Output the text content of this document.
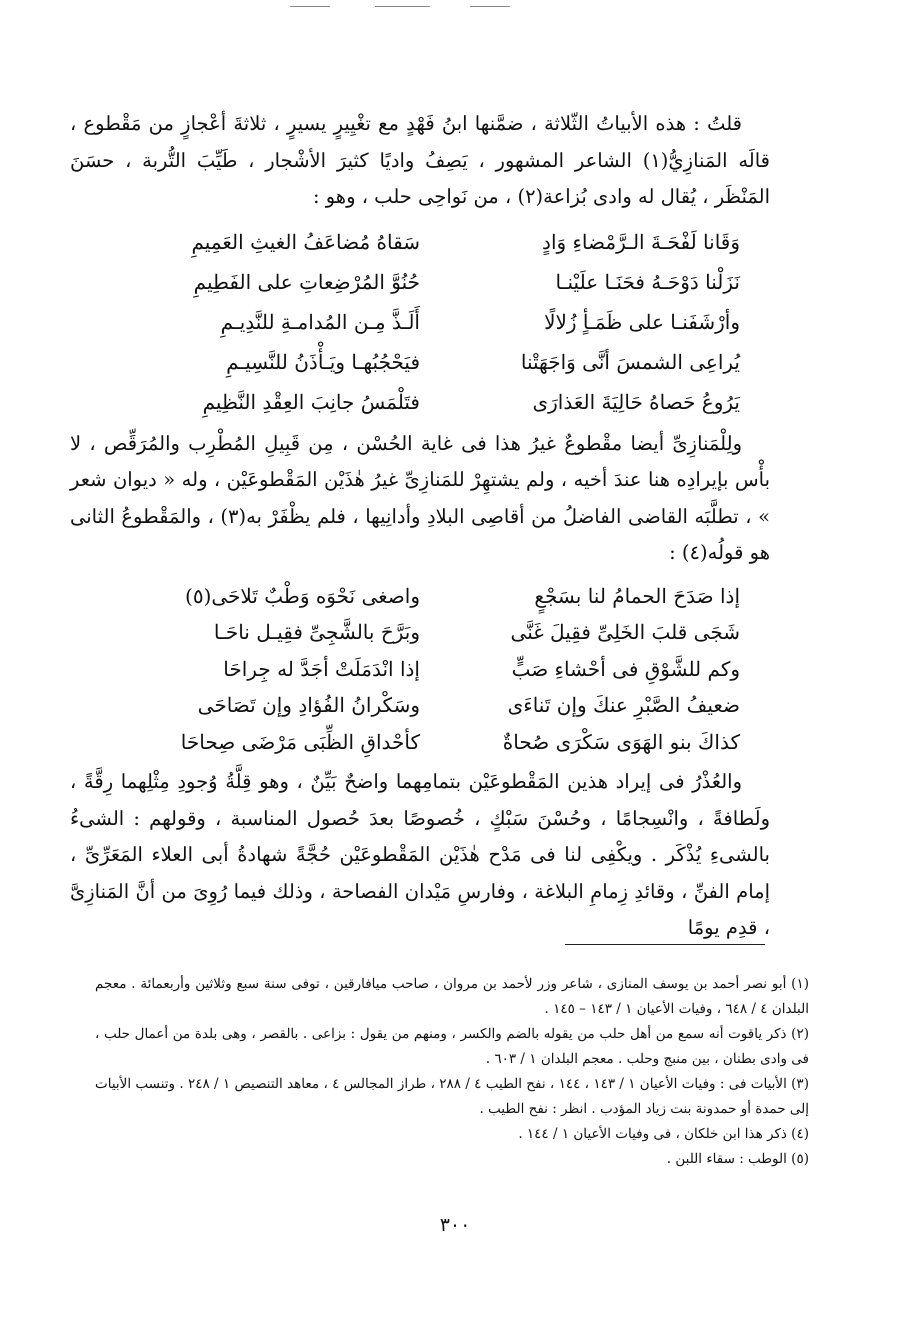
قلتُ : هذه الأبياتُ الثّلاثة ، ضمَّنها ابنُ فَهْدٍ مع تغْيِيرٍ يسيرٍ ، ثلاثةَ أعْجازٍ من مَقْطوع ، قالَه المَنازِيُّ(١) الشاعر المشهور ، يَصِفُ واديًا كثيرَ الأشْجار ، طَيِّبَ التُّربة ، حسَنَ المَنْظَر ، يُقال له وادى بُزاعة(٢) ، من نَواحِى حلب ، وهو :

وَقَانا لَفْحَـةَ الـرَّمْضاءِ وَادٍ
سَقاهُ مُضاعَفُ الغيثِ العَمِيمِ
نَزَلْنا دَوْحَـهُ فحَنَـا علَيْنـا
حُنُوَّ المُرْضِعاتِ على الفَطِيمِ
وأرْشَفَنـا على ظَمَـأٍ زُلالًا
أَلَـذَّ مِـن المُدامـةِ للنَّدِيـمِ
يُراعِى الشمسَ أنَّى وَاجَهَتْنا
فيَحْجُبُهـا ويَـأْذَنُ للنَّسِيـمِ
يَرُوعُ حَصاهُ حَالِيَةَ العَذارَى
فتَلْمَسُ جانِبَ العِقْدِ النَّظِيمِ

ولِلْمَنازِىِّ أيضا مقْطوعٌ غيرُ هذا فى غاية الحُسْن ، مِن قَبِيلِ المُطْرِب والمُرَقِّص ، لا بأْس بإيرادِه هنا عندَ أخيه ، ولم يشتهِرْ للمَنازِىِّ غيرُ هٰذَيْن المَقْطوعَيْن ، وله « ديوان شعر » ، تطلَّبَه القاضى الفاضلُ من أقاصِى البلادِ وأدانِيها ، فلم يظْفَرْ به(٣) ، والمَقْطوعُ الثانى هو قولُه(٤) :

إذا صَدَحَ الحمامُ لنا بسَجْعٍ
واصغى نَحْوَه وَطْبٌ تَلاحَى(٥)
شَجَى قلبَ الخَلِىِّ فقِيلَ غَنَّى
وبَرَّحَ بالشَّجِىِّ فقِيـل ناحَـا
وكم للشَّوْقِ فى أحْشاءِ صَبٍّ
إذا انْدَمَلَتْ أجَدَّ له جِراحَا
ضعيفُ الصَّبْرِ عنكَ وإن تَناءَى
وسَكْرانُ الفُؤادِ وإن تَصَاحَى
كذاكَ بنو الهَوَى سَكْرَى صُحاةٌ
كأحْداقِ الظِّبَى مَرْضَى صِحاحَا

والعُذْرُ فى إيراد هذين المَقْطوعَيْن بتمامِهما واضحٌ بَيِّنٌ ، وهو قِلَّةُ وُجودِ مِثْلِهما رِقَّةً ، ولَطافةً ، وانْسِجامًا ، وحُسْنَ سَبْكٍ ، خُصوصًا بعدَ حُصول المناسبة ، وقولهم : الشىءُ بالشىءِ يُذْكَر . ويكْفِى لنا فى مَدْح هٰذَيْن المَقْطوعَيْن حُجَّةً شهادةُ أبى العلاء المَعَرِّىِّ ، إمام الفنِّ ، وقائدِ زِمامِ البلاغة ، وفارسِ مَيْدان الفصاحة ، وذلك فيما رُوِىَ من أنَّ المَنازِىَّ ، قدِم يومًا

(١) أبو نصر أحمد بن يوسف المنازى ، شاعر وزر لأحمد بن مروان ، صاحب ميافارقين ، توفى سنة سبع وثلاثين وأربعمائة . معجم البلدان ٤ / ٦٤٨ ، وفيات الأعيان ١ / ١٤٣ – ١٤٥ .

(٢) ذكر ياقوت أنه سمع من أهل حلب من يقوله بالضم والكسر ، ومنهم من يقول : بزاعى . بالقصر ، وهى بلدة من أعمال حلب ، فى وادى بطنان ، بين منبج وحلب . معجم البلدان ١ / ٦٠٣ .

(٣) الأبيات فى : وفيات الأعيان ١ / ١٤٣ ، ١٤٤ ، نفح الطيب ٤ / ٢٨٨ ، طراز المجالس ٤ ، معاهد التنصيص ١ / ٢٤٨ . وتنسب الأبيات إلى حمدة أو حمدونة بنت زياد المؤدب . انظر : نفح الطيب .

(٤) ذكر هذا ابن خلكان ، فى وفيات الأعيان ١ / ١٤٤ .

(٥) الوطب : سقاء اللبن .

٣٠٠
